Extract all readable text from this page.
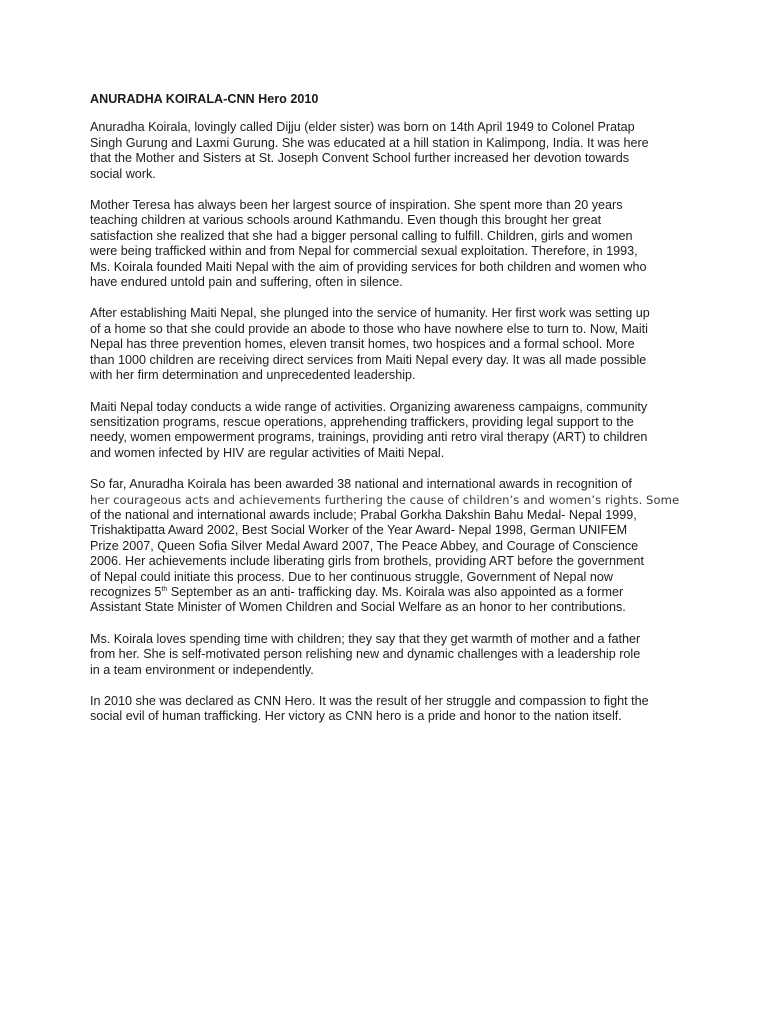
ANURADHA KOIRALA-CNN Hero 2010
Anuradha Koirala, lovingly called Dijju (elder sister) was born on 14th April 1949 to Colonel Pratap
Singh Gurung and Laxmi Gurung. She was educated at a hill station in Kalimpong, India. It was here
that the Mother and Sisters at St. Joseph Convent School further increased her devotion towards
social work.
Mother Teresa has always been her largest source of inspiration. She spent more than 20 years
teaching children at various schools around Kathmandu. Even though this brought her great
satisfaction she realized that she had a bigger personal calling to fulfill. Children, girls and women
were being trafficked within and from Nepal for commercial sexual exploitation. Therefore, in 1993,
Ms. Koirala founded Maiti Nepal with the aim of providing services for both children and women who
have endured untold pain and suffering, often in silence.
After establishing Maiti Nepal, she plunged into the service of humanity. Her first work was setting up
of a home so that she could provide an abode to those who have nowhere else to turn to. Now, Maiti
Nepal has three prevention homes, eleven transit homes, two hospices and a formal school. More
than 1000 children are receiving direct services from Maiti Nepal every day. It was all made possible
with her firm determination and unprecedented leadership.
Maiti Nepal today conducts a wide range of activities. Organizing awareness campaigns, community
sensitization programs, rescue operations, apprehending traffickers, providing legal support to the
needy, women empowerment programs, trainings, providing anti retro viral therapy (ART) to children
and women infected by HIV are regular activities of Maiti Nepal.
So far, Anuradha Koirala has been awarded 38 national and international awards in recognition of
her courageous acts and achievements furthering the cause of children’s and women’s rights. Some
of the national and international awards include; Prabal Gorkha Dakshin Bahu Medal- Nepal 1999,
Trishaktipatta Award 2002, Best Social Worker of the Year Award- Nepal 1998, German UNIFEM
Prize 2007, Queen Sofia Silver Medal Award 2007, The Peace Abbey, and Courage of Conscience
2006. Her achievements include liberating girls from brothels, providing ART before the government
of Nepal could initiate this process. Due to her continuous struggle, Government of Nepal now
recognizes 5th September as an anti- trafficking day. Ms. Koirala was also appointed as a former
Assistant State Minister of Women Children and Social Welfare as an honor to her contributions.
Ms. Koirala loves spending time with children; they say that they get warmth of mother and a father
from her. She is self-motivated person relishing new and dynamic challenges with a leadership role
in a team environment or independently.
In 2010 she was declared as CNN Hero. It was the result of her struggle and compassion to fight the
social evil of human trafficking. Her victory as CNN hero is a pride and honor to the nation itself.
